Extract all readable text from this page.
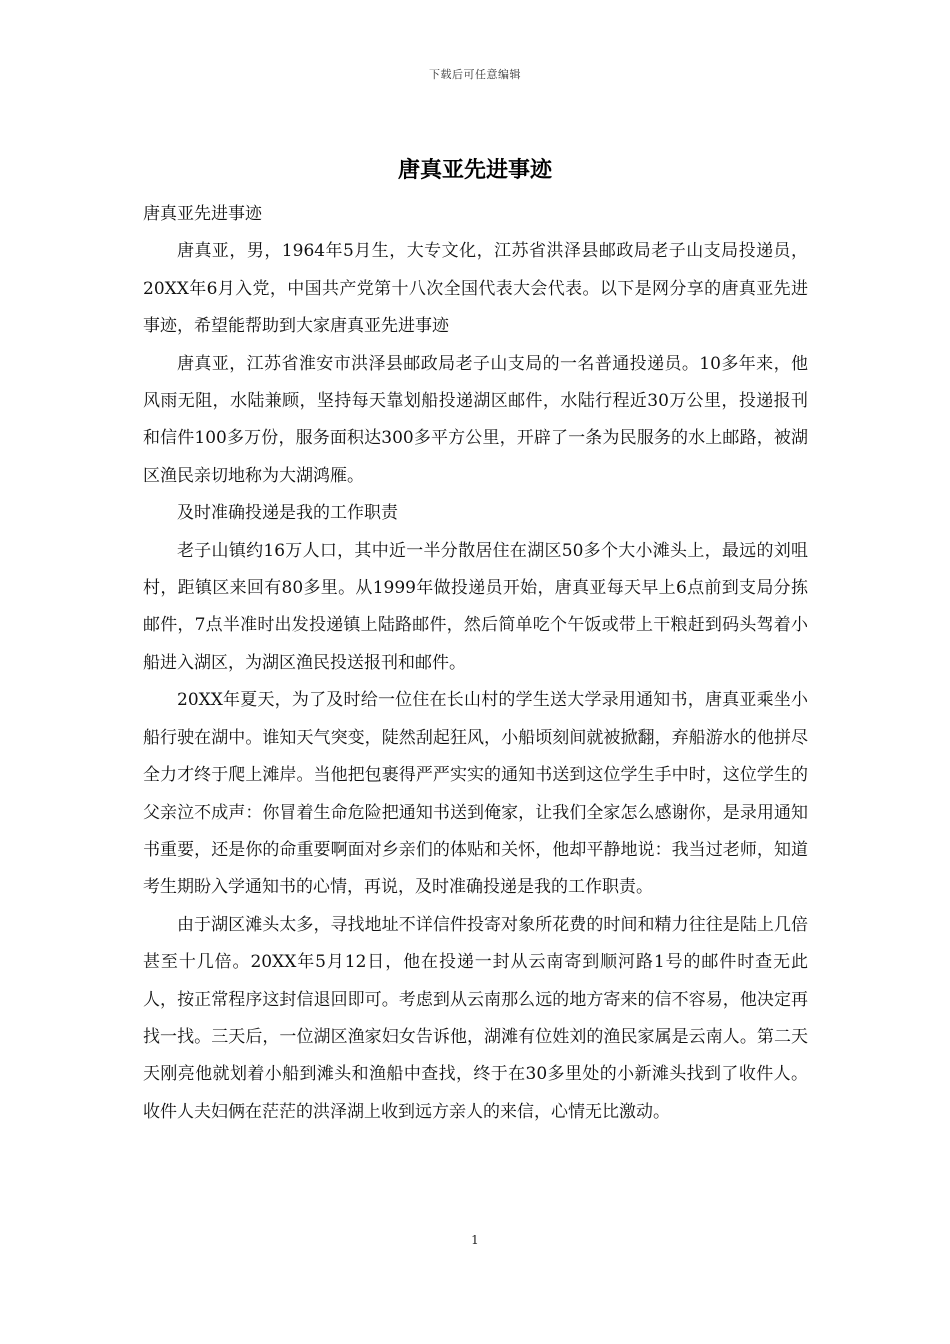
下载后可任意编辑
唐真亚先进事迹

唐真亚先进事迹

唐真亚，男，1964年5月生，大专文化，江苏省洪泽县邮政局老子山支局投递员，20XX年6月入党，中国共产党第十八次全国代表大会代表。以下是网分享的唐真亚先进事迹，希望能帮助到大家唐真亚先进事迹

唐真亚，江苏省淮安市洪泽县邮政局老子山支局的一名普通投递员。10多年来，他风雨无阻，水陆兼顾，坚持每天靠划船投递湖区邮件，水陆行程近30万公里，投递报刊和信件100多万份，服务面积达300多平方公里，开辟了一条为民服务的水上邮路，被湖区渔民亲切地称为大湖鸿雁。

及时准确投递是我的工作职责

老子山镇约16万人口，其中近一半分散居住在湖区50多个大小滩头上，最远的刘咀村，距镇区来回有80多里。从1999年做投递员开始，唐真亚每天早上6点前到支局分拣邮件，7点半准时出发投递镇上陆路邮件，然后简单吃个午饭或带上干粮赶到码头驾着小船进入湖区，为湖区渔民投送报刊和邮件。

20XX年夏天，为了及时给一位住在长山村的学生送大学录用通知书，唐真亚乘坐小船行驶在湖中。谁知天气突变，陡然刮起狂风，小船顷刻间就被掀翻，弃船游水的他拼尽全力才终于爬上滩岸。当他把包裹得严严实实的通知书送到这位学生手中时，这位学生的父亲泣不成声：你冒着生命危险把通知书送到俺家，让我们全家怎么感谢你，是录用通知书重要，还是你的命重要啊面对乡亲们的体贴和关怀，他却平静地说：我当过老师，知道考生期盼入学通知书的心情，再说，及时准确投递是我的工作职责。

由于湖区滩头太多，寻找地址不详信件投寄对象所花费的时间和精力往往是陆上几倍甚至十几倍。20XX年5月12日，他在投递一封从云南寄到顺河路1号的邮件时查无此人，按正常程序这封信退回即可。考虑到从云南那么远的地方寄来的信不容易，他决定再找一找。三天后，一位湖区渔家妇女告诉他，湖滩有位姓刘的渔民家属是云南人。第二天天刚亮他就划着小船到滩头和渔船中查找，终于在30多里处的小新滩头找到了收件人。收件人夫妇俩在茫茫的洪泽湖上收到远方亲人的来信，心情无比激动。

1
